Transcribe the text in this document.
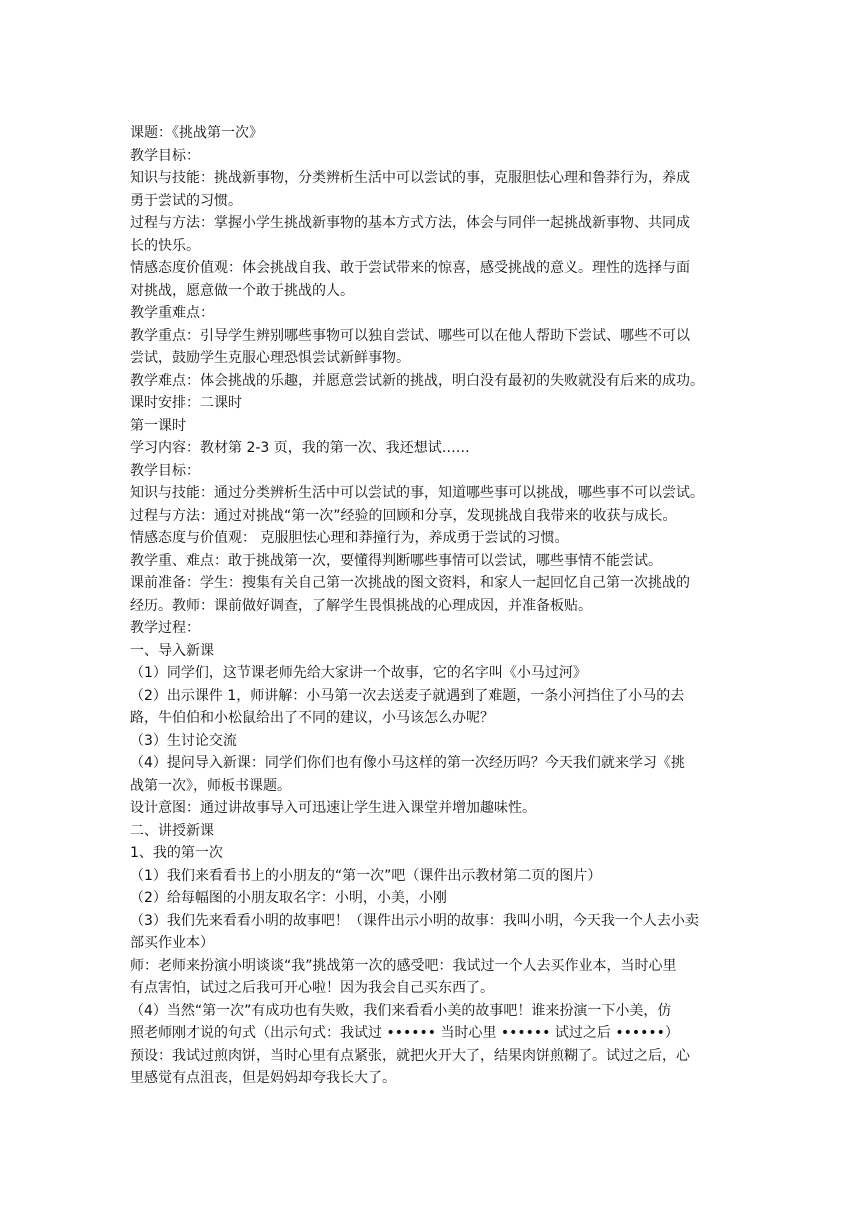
课题：《挑战第一次》
教学目标：
知识与技能：挑战新事物，分类辨析生活中可以尝试的事，克服胆怯心理和鲁莽行为，养成
勇于尝试的习惯。
过程与方法：掌握小学生挑战新事物的基本方式方法，体会与同伴一起挑战新事物、共同成
长的快乐。
情感态度价值观：体会挑战自我、敢于尝试带来的惊喜，感受挑战的意义。理性的选择与面
对挑战，愿意做一个敢于挑战的人。
教学重难点：
教学重点：引导学生辨别哪些事物可以独自尝试、哪些可以在他人帮助下尝试、哪些不可以
尝试，鼓励学生克服心理恐惧尝试新鲜事物。
教学难点：体会挑战的乐趣，并愿意尝试新的挑战，明白没有最初的失败就没有后来的成功。
课时安排：二课时
第一课时
学习内容：教材第 2-3 页，我的第一次、我还想试……
教学目标：
知识与技能：通过分类辨析生活中可以尝试的事，知道哪些事可以挑战，哪些事不可以尝试。
过程与方法：通过对挑战“第一次”经验的回顾和分享，发现挑战自我带来的收获与成长。
情感态度与价值观： 克服胆怯心理和莽撞行为，养成勇于尝试的习惯。
教学重、难点：敢于挑战第一次，要懂得判断哪些事情可以尝试，哪些事情不能尝试。
课前准备：学生：搜集有关自己第一次挑战的图文资料，和家人一起回忆自己第一次挑战的
经历。教师：课前做好调查，了解学生畏惧挑战的心理成因，并准备板贴。
教学过程：
一、导入新课
（1）同学们，这节课老师先给大家讲一个故事，它的名字叫《小马过河》
（2）出示课件 1，师讲解：小马第一次去送麦子就遇到了难题，一条小河挡住了小马的去
路，牛伯伯和小松鼠给出了不同的建议，小马该怎么办呢？
（3）生讨论交流
（4）提问导入新课：同学们你们也有像小马这样的第一次经历吗？今天我们就来学习《挑
战第一次》，师板书课题。
设计意图：通过讲故事导入可迅速让学生进入课堂并增加趣味性。
二、讲授新课
1、我的第一次
（1）我们来看看书上的小朋友的“第一次”吧（课件出示教材第二页的图片）
（2）给每幅图的小朋友取名字：小明，小美，小刚
（3）我们先来看看小明的故事吧！（课件出示小明的故事：我叫小明，今天我一个人去小卖
部买作业本）
师：老师来扮演小明谈谈“我”挑战第一次的感受吧：我试过一个人去买作业本，当时心里
有点害怕，试过之后我可开心啦！因为我会自己买东西了。
（4）当然“第一次”有成功也有失败，我们来看看小美的故事吧！谁来扮演一下小美，仿
照老师刚才说的句式（出示句式：我试过 •••••• 当时心里 •••••• 试过之后 ••••••）
预设：我试过煎肉饼，当时心里有点紧张，就把火开大了，结果肉饼煎糊了。试过之后，心
里感觉有点沮丧，但是妈妈却夸我长大了。
